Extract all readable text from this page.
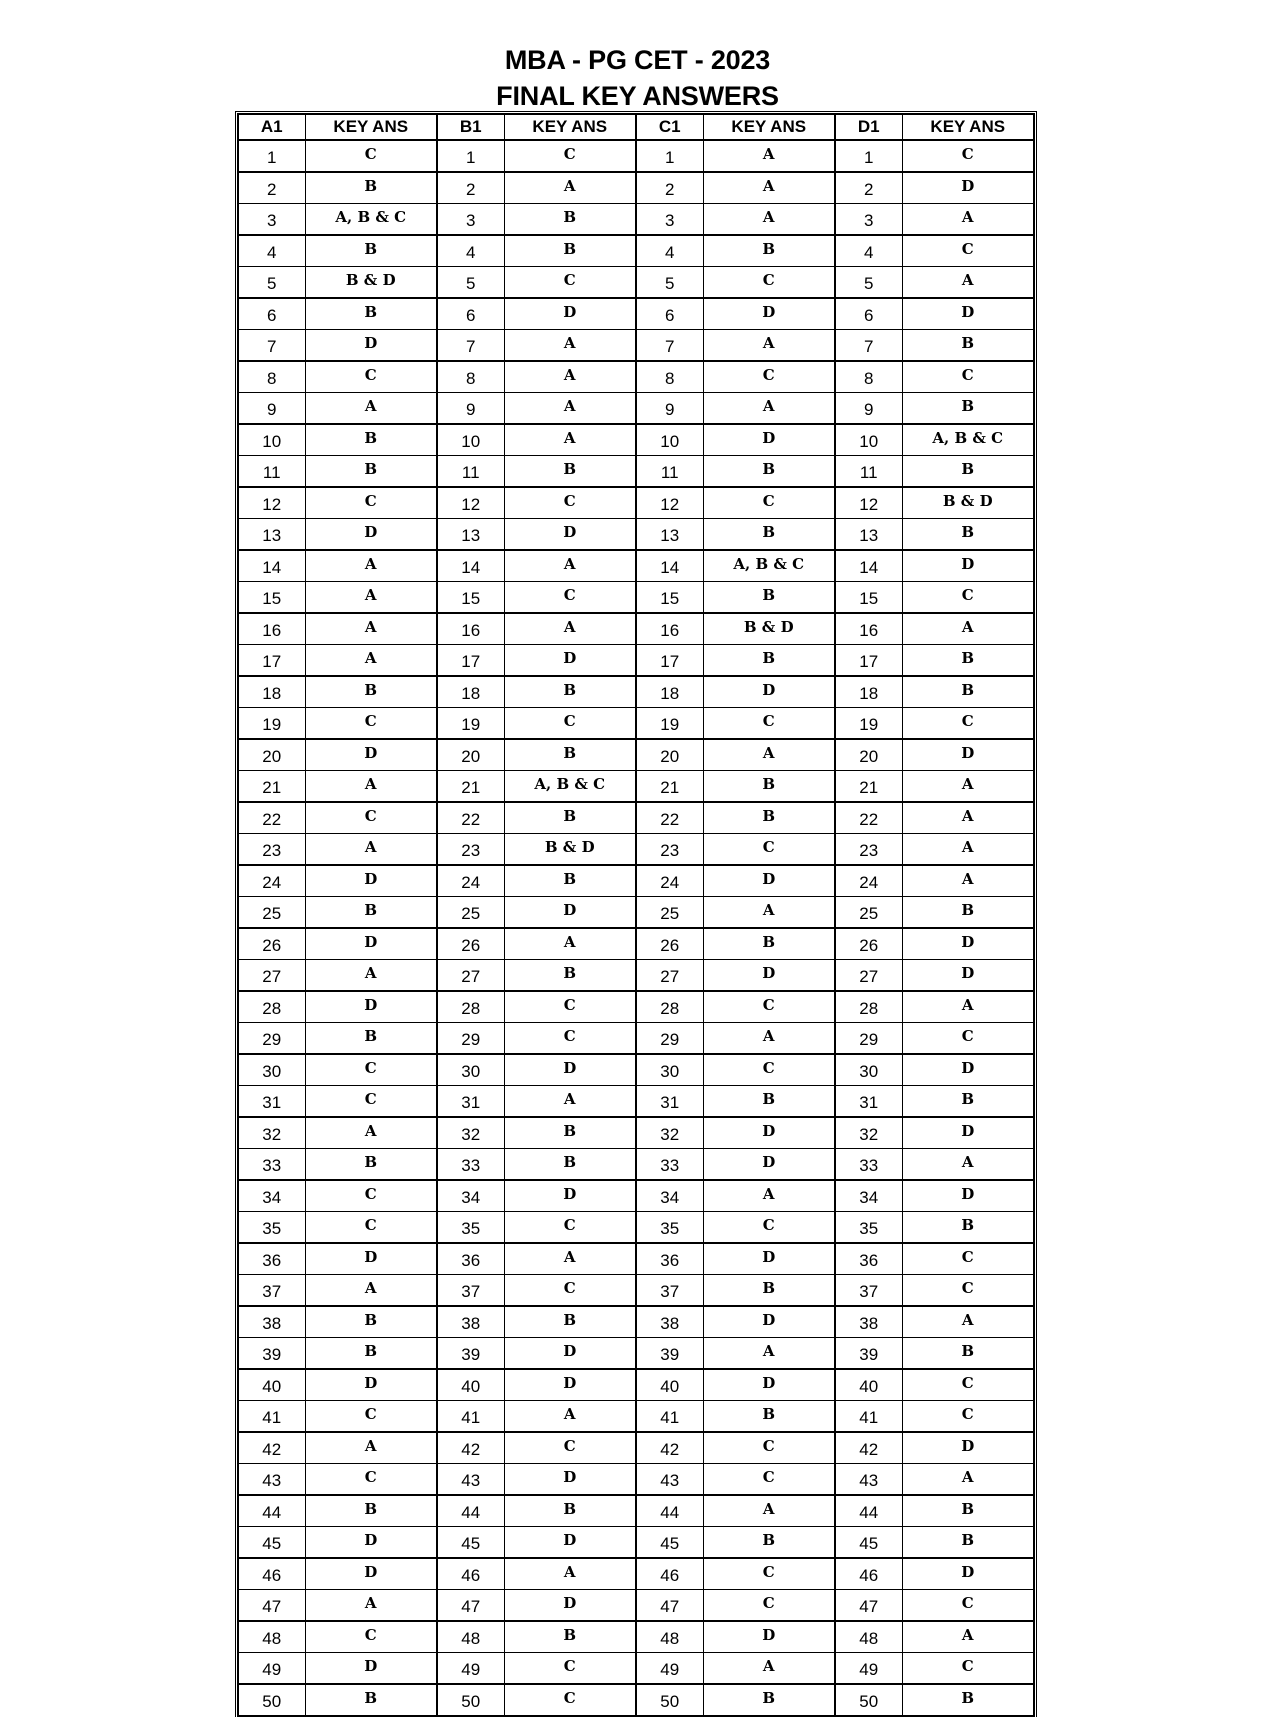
MBA - PG CET - 2023
FINAL KEY ANSWERS
A1	KEY ANS	B1	KEY ANS	C1	KEY ANS	D1	KEY ANS
1	C	1	C	1	A	1	C
2	B	2	A	2	A	2	D
3	A, B & C	3	B	3	A	3	A
4	B	4	B	4	B	4	C
5	B & D	5	C	5	C	5	A
6	B	6	D	6	D	6	D
7	D	7	A	7	A	7	B
8	C	8	A	8	C	8	C
9	A	9	A	9	A	9	B
10	B	10	A	10	D	10	A, B & C
11	B	11	B	11	B	11	B
12	C	12	C	12	C	12	B & D
13	D	13	D	13	B	13	B
14	A	14	A	14	A, B & C	14	D
15	A	15	C	15	B	15	C
16	A	16	A	16	B & D	16	A
17	A	17	D	17	B	17	B
18	B	18	B	18	D	18	B
19	C	19	C	19	C	19	C
20	D	20	B	20	A	20	D
21	A	21	A, B & C	21	B	21	A
22	C	22	B	22	B	22	A
23	A	23	B & D	23	C	23	A
24	D	24	B	24	D	24	A
25	B	25	D	25	A	25	B
26	D	26	A	26	B	26	D
27	A	27	B	27	D	27	D
28	D	28	C	28	C	28	A
29	B	29	C	29	A	29	C
30	C	30	D	30	C	30	D
31	C	31	A	31	B	31	B
32	A	32	B	32	D	32	D
33	B	33	B	33	D	33	A
34	C	34	D	34	A	34	D
35	C	35	C	35	C	35	B
36	D	36	A	36	D	36	C
37	A	37	C	37	B	37	C
38	B	38	B	38	D	38	A
39	B	39	D	39	A	39	B
40	D	40	D	40	D	40	C
41	C	41	A	41	B	41	C
42	A	42	C	42	C	42	D
43	C	43	D	43	C	43	A
44	B	44	B	44	A	44	B
45	D	45	D	45	B	45	B
46	D	46	A	46	C	46	D
47	A	47	D	47	C	47	C
48	C	48	B	48	D	48	A
49	D	49	C	49	A	49	C
50	B	50	C	50	B	50	B
